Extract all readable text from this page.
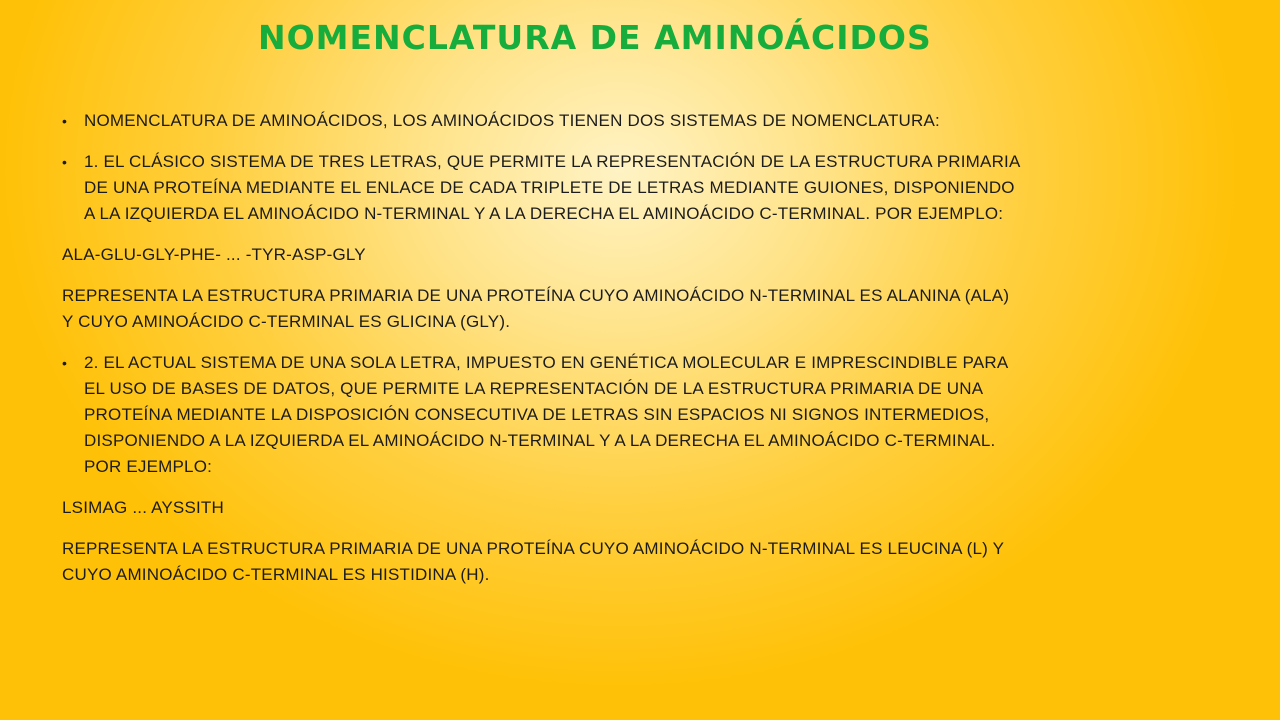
NOMENCLATURA DE AMINOÁCIDOS
• NOMENCLATURA DE AMINOÁCIDOS, LOS AMINOÁCIDOS TIENEN DOS SISTEMAS DE NOMENCLATURA:
• 1. EL CLÁSICO SISTEMA DE TRES LETRAS, QUE PERMITE LA REPRESENTACIÓN DE LA ESTRUCTURA PRIMARIA DE UNA PROTEÍNA MEDIANTE EL ENLACE DE CADA TRIPLETE DE LETRAS MEDIANTE GUIONES, DISPONIENDO A LA IZQUIERDA EL AMINOÁCIDO N-TERMINAL Y A LA DERECHA EL AMINOÁCIDO C-TERMINAL. POR EJEMPLO:
ALA-GLU-GLY-PHE- ... -TYR-ASP-GLY
REPRESENTA LA ESTRUCTURA PRIMARIA DE UNA PROTEÍNA CUYO AMINOÁCIDO N-TERMINAL ES ALANINA (ALA) Y CUYO AMINOÁCIDO C-TERMINAL ES GLICINA (GLY).
• 2. EL ACTUAL SISTEMA DE UNA SOLA LETRA, IMPUESTO EN GENÉTICA MOLECULAR E IMPRESCINDIBLE PARA EL USO DE BASES DE DATOS, QUE PERMITE LA REPRESENTACIÓN DE LA ESTRUCTURA PRIMARIA DE UNA PROTEÍNA MEDIANTE LA DISPOSICIÓN CONSECUTIVA DE LETRAS SIN ESPACIOS NI SIGNOS INTERMEDIOS, DISPONIENDO A LA IZQUIERDA EL AMINOÁCIDO N-TERMINAL Y A LA DERECHA EL AMINOÁCIDO C-TERMINAL. POR EJEMPLO:
LSIMAG ... AYSSITH
REPRESENTA LA ESTRUCTURA PRIMARIA DE UNA PROTEÍNA CUYO AMINOÁCIDO N-TERMINAL ES LEUCINA (L) Y CUYO AMINOÁCIDO C-TERMINAL ES HISTIDINA (H).
